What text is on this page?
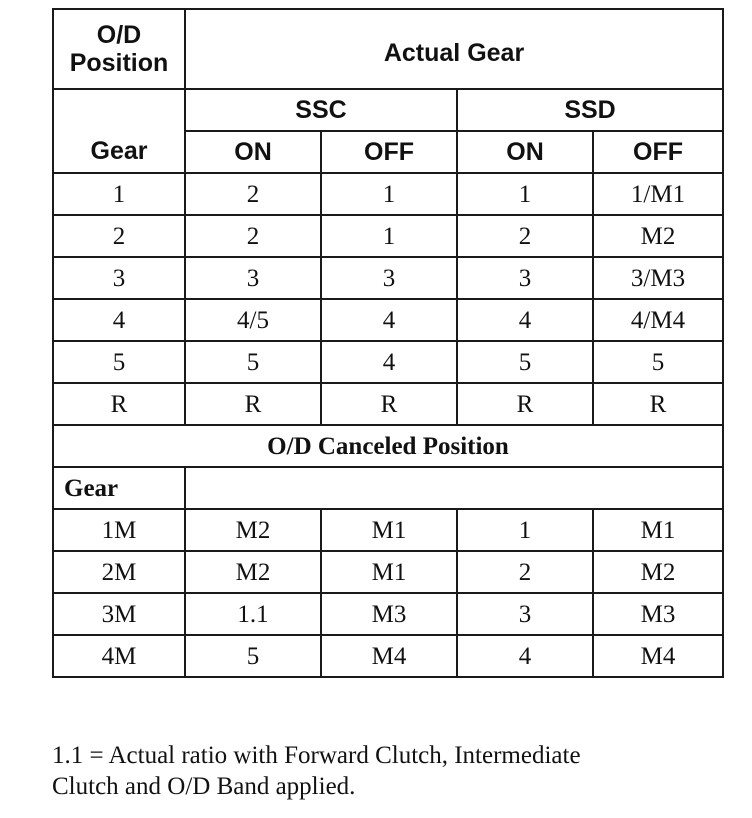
O/D
Position	Actual Gear			
	SSC		SSD	
Gear	ON	OFF	ON	OFF
1	2	1	1	1/M1
2	2	1	2	M2
3	3	3	3	3/M3
4	4/5	4	4	4/M4
5	5	4	5	5
R	R	R	R	R
O/D Canceled Position				
Gear				
1M	M2	M1	1	M1
2M	M2	M1	2	M2
3M	1.1	M3	3	M3
4M	5	M4	4	M4

1.1 = Actual ratio with Forward Clutch, Intermediate
Clutch and O/D Band applied.
